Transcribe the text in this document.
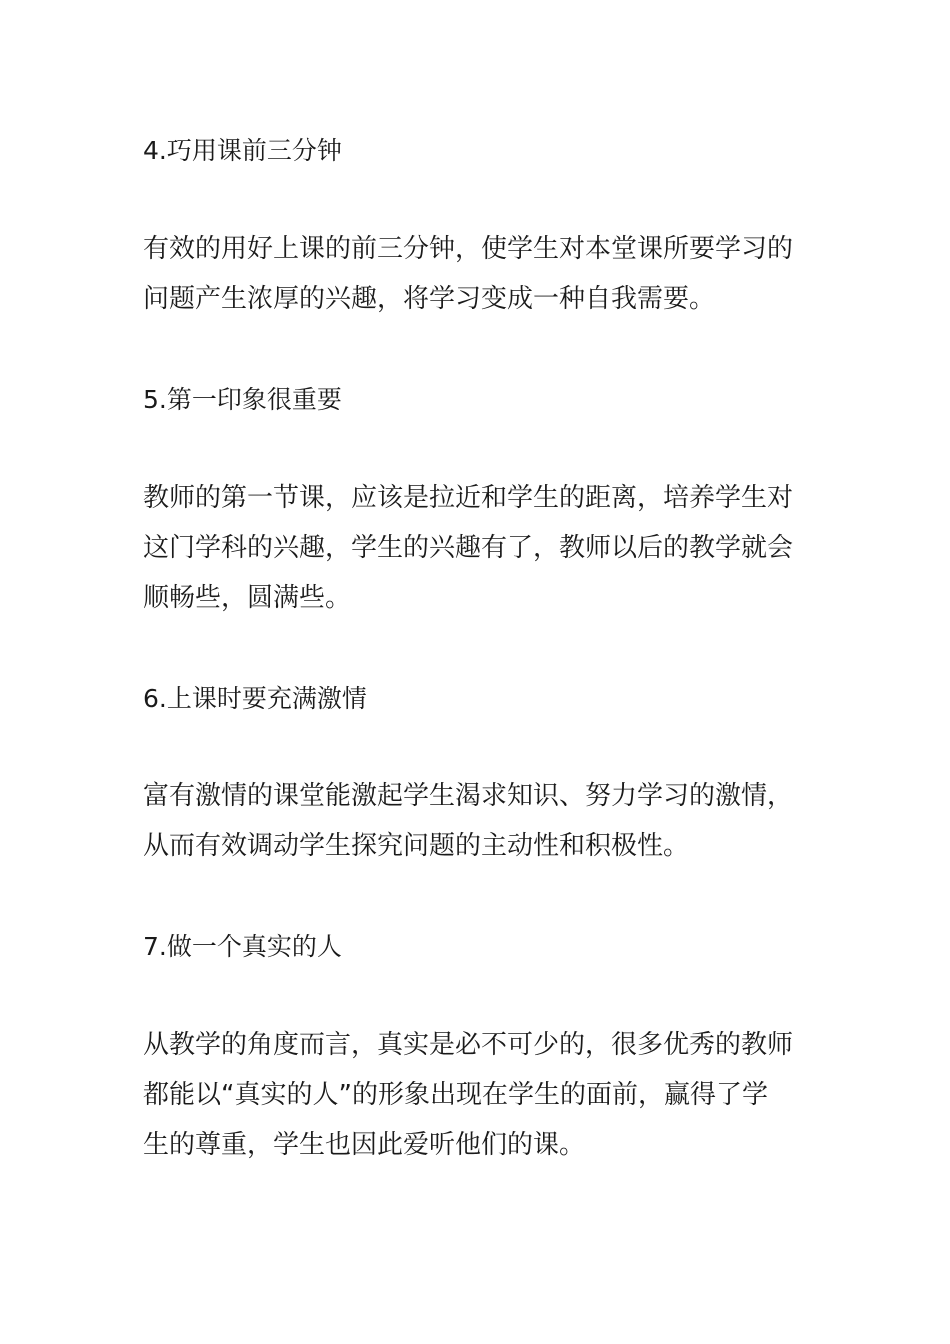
4.巧用课前三分钟
有效的用好上课的前三分钟，使学生对本堂课所要学习的
问题产生浓厚的兴趣，将学习变成一种自我需要。
5.第一印象很重要
教师的第一节课，应该是拉近和学生的距离，培养学生对
这门学科的兴趣，学生的兴趣有了，教师以后的教学就会
顺畅些，圆满些。
6.上课时要充满激情
富有激情的课堂能激起学生渴求知识、努力学习的激情，
从而有效调动学生探究问题的主动性和积极性。
7.做一个真实的人
从教学的角度而言，真实是必不可少的，很多优秀的教师
都能以“真实的人”的形象出现在学生的面前，赢得了学
生的尊重，学生也因此爱听他们的课。
